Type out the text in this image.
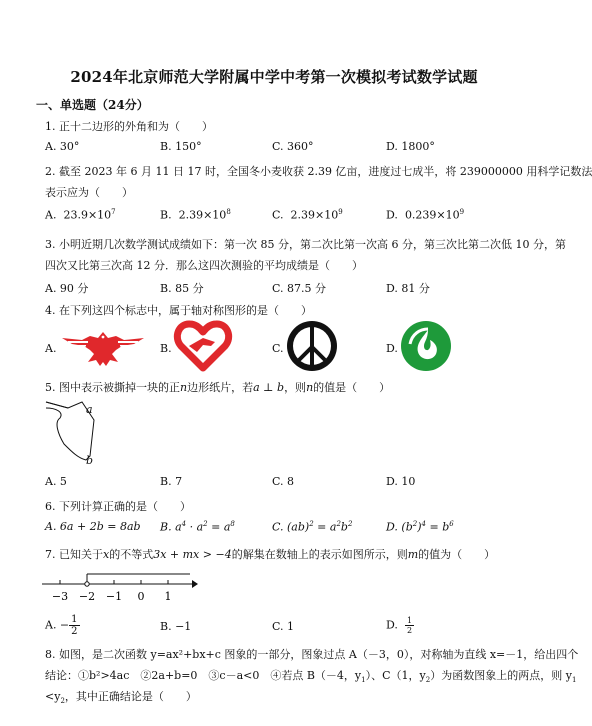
2024年北京师范大学附属中学中考第一次模拟考试数学试题
一、单选题（24分）
1. 正十二边形的外角和为（　　）
A. 30°	B. 150°	C. 360°	D. 1800°
2. 截至 2023 年 6 月 11 日 17 时，全国冬小麦收获 2.39 亿亩，进度过七成半，将 239000000 用科学记数法
表示应为（　　）
A. $23.9\times 10^7$	B. $2.39\times 10^8$	C. $2.39\times 10^9$	D. $0.239\times 10^9$
3. 小明近期几次数学测试成绩如下：第一次 85 分，第二次比第一次高 6 分，第三次比第二次低 10 分，第
四次又比第三次高 12 分．那么这四次测验的平均成绩是（　　）
A. 90 分	B. 85 分	C. 87.5 分	D. 81 分
4. 在下列这四个标志中，属于轴对称图形的是（　　）
A.	B.	C.	D.
5. 图中表示被撕掉一块的正n边形纸片，若a ⊥ b，则n的值是（　　）
a
b
A. 5	B. 7	C. 8	D. 10
6. 下列计算正确的是（　　）
A. 6a + 2b = 8ab B. $a^4 \cdot a^2 = a^8$	C. $(ab)^2 = a^2b^2$	D. $(b^2)^4 = b^6$
7. 已知关于x的不等式3x + mx > −4的解集在数轴上的表示如图所示，则m的值为（　　）
−3 −2 −1 0 1
A. − $\frac{1}{2}$	B. −1	C. 1	D. $\frac{1}{2}$
8. 如图，是二次函数 y=ax²+bx+c 图象的一部分，图象过点 A（－3，0），对称轴为直线 x=－1，给出四个
结论：①b²>4ac　②2a+b=0　③c－a<0　④若点 B（－4，$y_1$）、C（1，$y_2$）为函数图象上的两点，则 $y_1$
$<y_2$，其中正确结论是（　　）
